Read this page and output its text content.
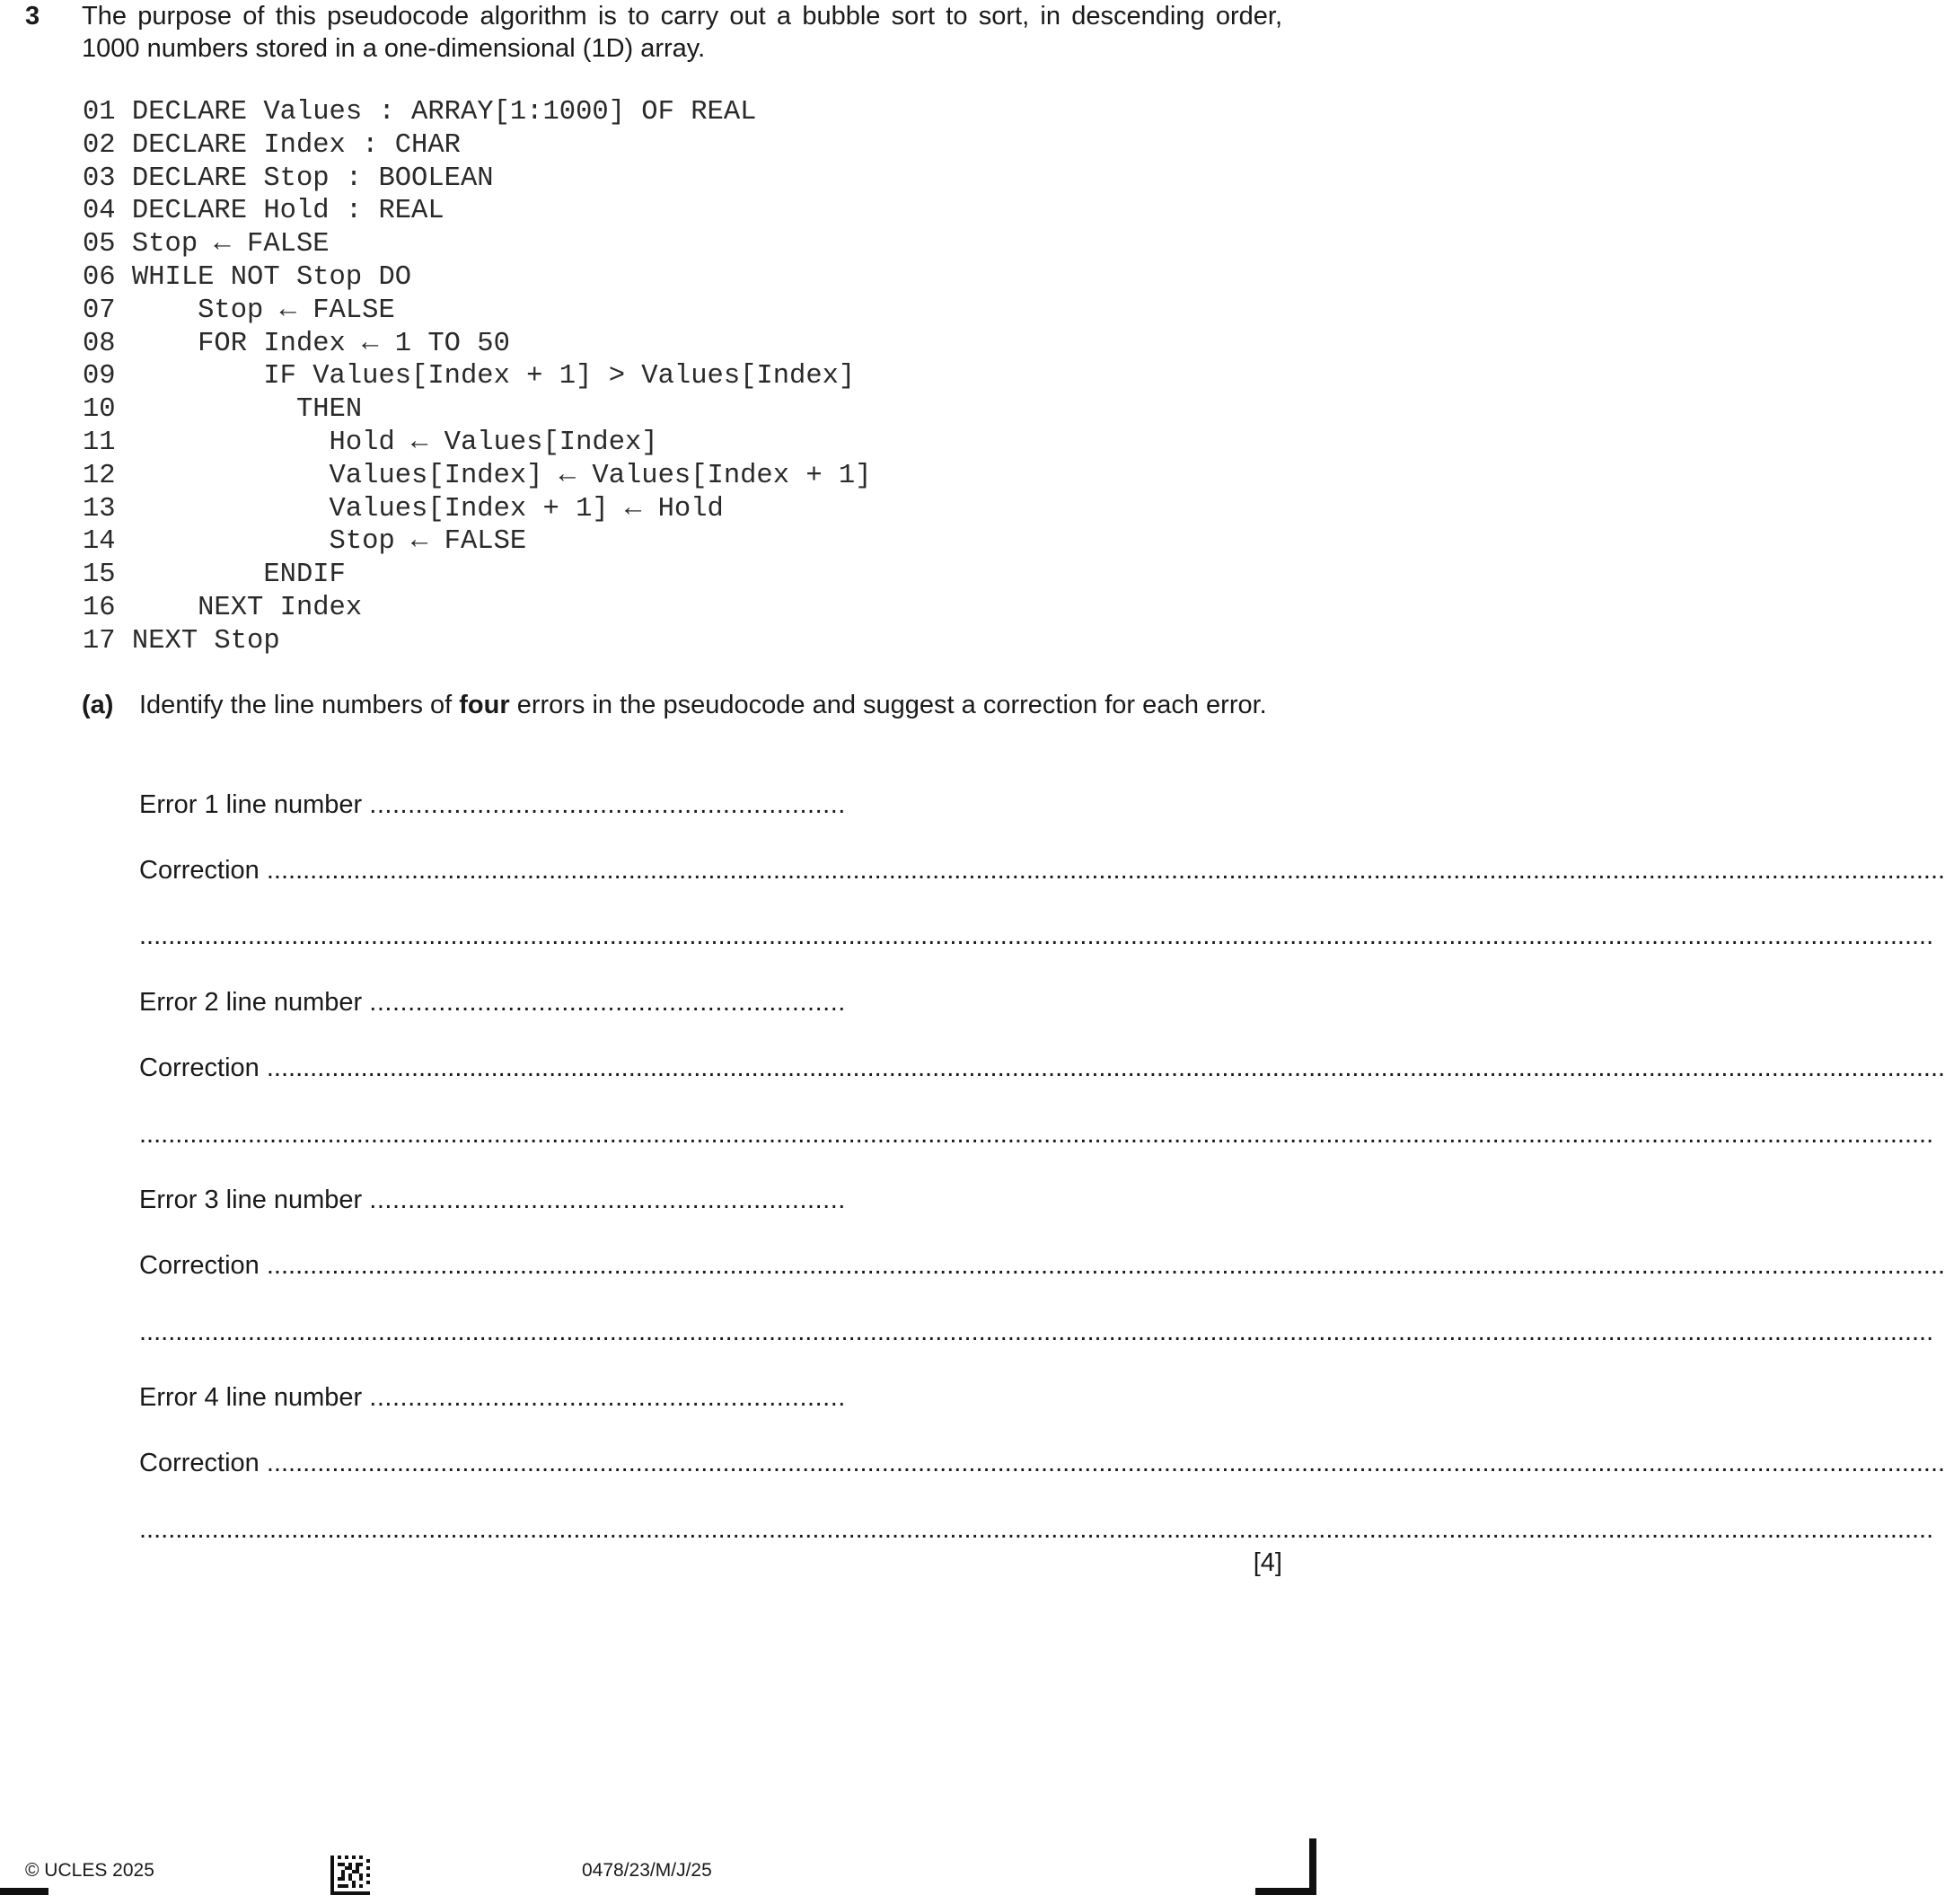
3 The purpose of this pseudocode algorithm is to carry out a bubble sort to sort, in descending order, 1000 numbers stored in a one-dimensional (1D) array.
01 DECLARE Values : ARRAY[1:1000] OF REAL
02 DECLARE Index : CHAR
03 DECLARE Stop : BOOLEAN
04 DECLARE Hold : REAL
05 Stop ← FALSE
06 WHILE NOT Stop DO
07     Stop ← FALSE
08     FOR Index ← 1 TO 50
09         IF Values[Index + 1] > Values[Index]
10           THEN
11             Hold ← Values[Index]
12             Values[Index] ← Values[Index + 1]
13             Values[Index + 1] ← Hold
14             Stop ← FALSE
15         ENDIF
16     NEXT Index
17 NEXT Stop
(a) Identify the line numbers of four errors in the pseudocode and suggest a correction for each error.
Error 1 line number ..............................................................
Correction ........................................................................................................................................................................................................................................
........................................................................................................................................................................................................................................................
Error 2 line number ..............................................................
Correction ........................................................................................................................................................................................................................................
........................................................................................................................................................................................................................................................
Error 3 line number ..............................................................
Correction ........................................................................................................................................................................................................................................
........................................................................................................................................................................................................................................................
Error 4 line number ..............................................................
Correction ........................................................................................................................................................................................................................................
........................................................................................................................................................................................................................................................
[4]
© UCLES 2025	0478/23/M/J/25
